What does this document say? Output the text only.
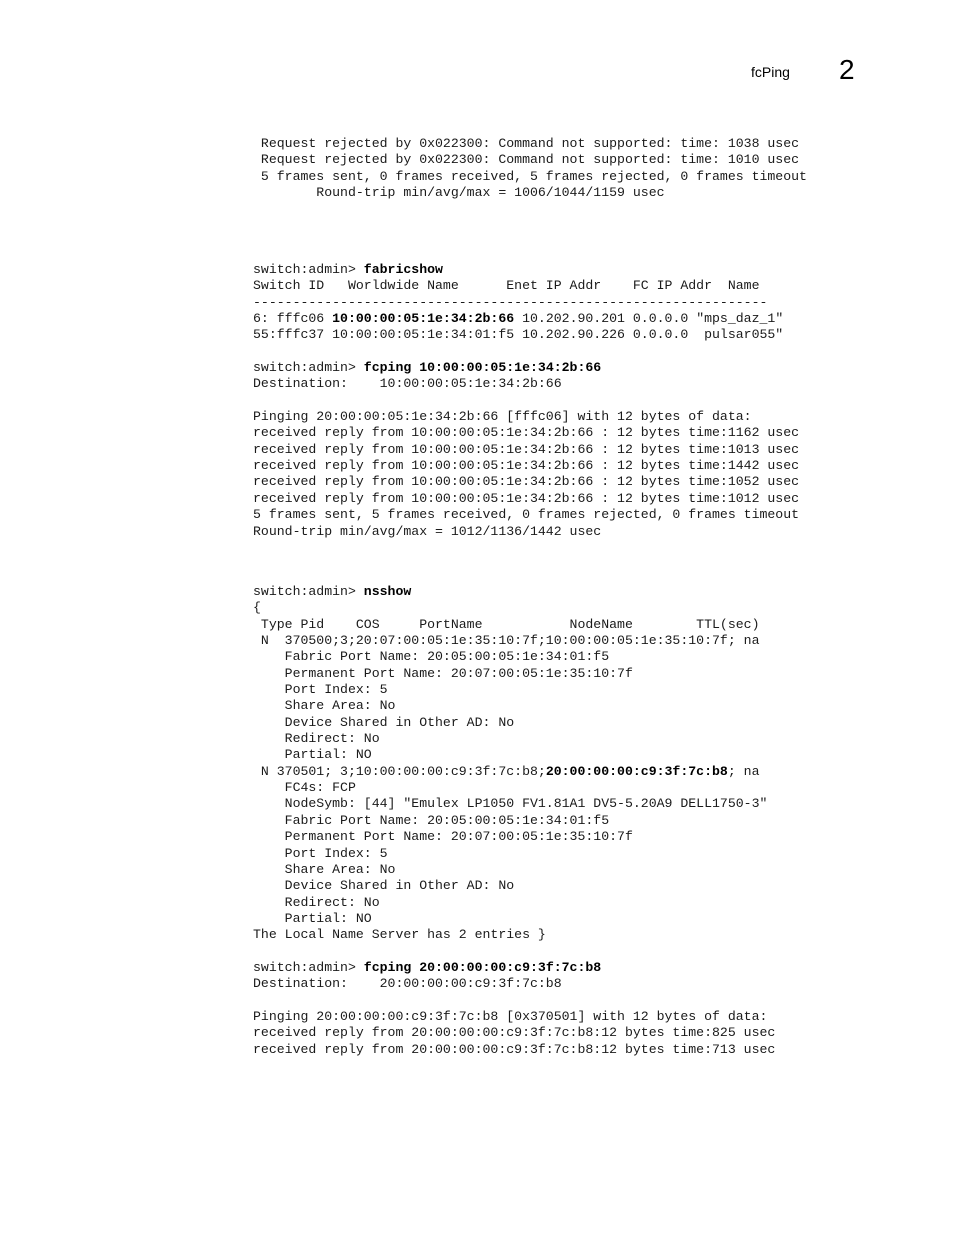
fcPing 2
Request rejected by 0x022300: Command not supported: time: 1038 usec
Request rejected by 0x022300: Command not supported: time: 1010 usec
5 frames sent, 0 frames received, 5 frames rejected, 0 frames timeout
Round-trip min/avg/max = 1006/1044/1159 usec
switch:admin> fabricshow
Switch ID   Worldwide Name      Enet IP Addr    FC IP Addr  Name
-----------------------------------------------------------------
6: fffc06 10:00:00:05:1e:34:2b:66 10.202.90.201 0.0.0.0 "mps_daz_1"
55:fffc37 10:00:00:05:1e:34:01:f5 10.202.90.226 0.0.0.0  pulsar055"
switch:admin> fcping 10:00:00:05:1e:34:2b:66
Destination:    10:00:00:05:1e:34:2b:66
Pinging 20:00:00:05:1e:34:2b:66 [fffc06] with 12 bytes of data:
received reply from 10:00:00:05:1e:34:2b:66 : 12 bytes time:1162 usec
received reply from 10:00:00:05:1e:34:2b:66 : 12 bytes time:1013 usec
received reply from 10:00:00:05:1e:34:2b:66 : 12 bytes time:1442 usec
received reply from 10:00:00:05:1e:34:2b:66 : 12 bytes time:1052 usec
received reply from 10:00:00:05:1e:34:2b:66 : 12 bytes time:1012 usec
5 frames sent, 5 frames received, 0 frames rejected, 0 frames timeout
Round-trip min/avg/max = 1012/1136/1442 usec
switch:admin> nsshow
{
Type Pid    COS     PortName           NodeName        TTL(sec)
N  370500;3;20:07:00:05:1e:35:10:7f;10:00:00:05:1e:35:10:7f; na
Fabric Port Name: 20:05:00:05:1e:34:01:f5
Permanent Port Name: 20:07:00:05:1e:35:10:7f
Port Index: 5
Share Area: No
Device Shared in Other AD: No
Redirect: No
Partial: NO
N 370501; 3;10:00:00:00:c9:3f:7c:b8;20:00:00:00:c9:3f:7c:b8; na
FC4s: FCP
NodeSymb: [44] "Emulex LP1050 FV1.81A1 DV5-5.20A9 DELL1750-3"
Fabric Port Name: 20:05:00:05:1e:34:01:f5
Permanent Port Name: 20:07:00:05:1e:35:10:7f
Port Index: 5
Share Area: No
Device Shared in Other AD: No
Redirect: No
Partial: NO
The Local Name Server has 2 entries }
switch:admin> fcping 20:00:00:00:c9:3f:7c:b8
Destination:    20:00:00:00:c9:3f:7c:b8
Pinging 20:00:00:00:c9:3f:7c:b8 [0x370501] with 12 bytes of data:
received reply from 20:00:00:00:c9:3f:7c:b8:12 bytes time:825 usec
received reply from 20:00:00:00:c9:3f:7c:b8:12 bytes time:713 usec
